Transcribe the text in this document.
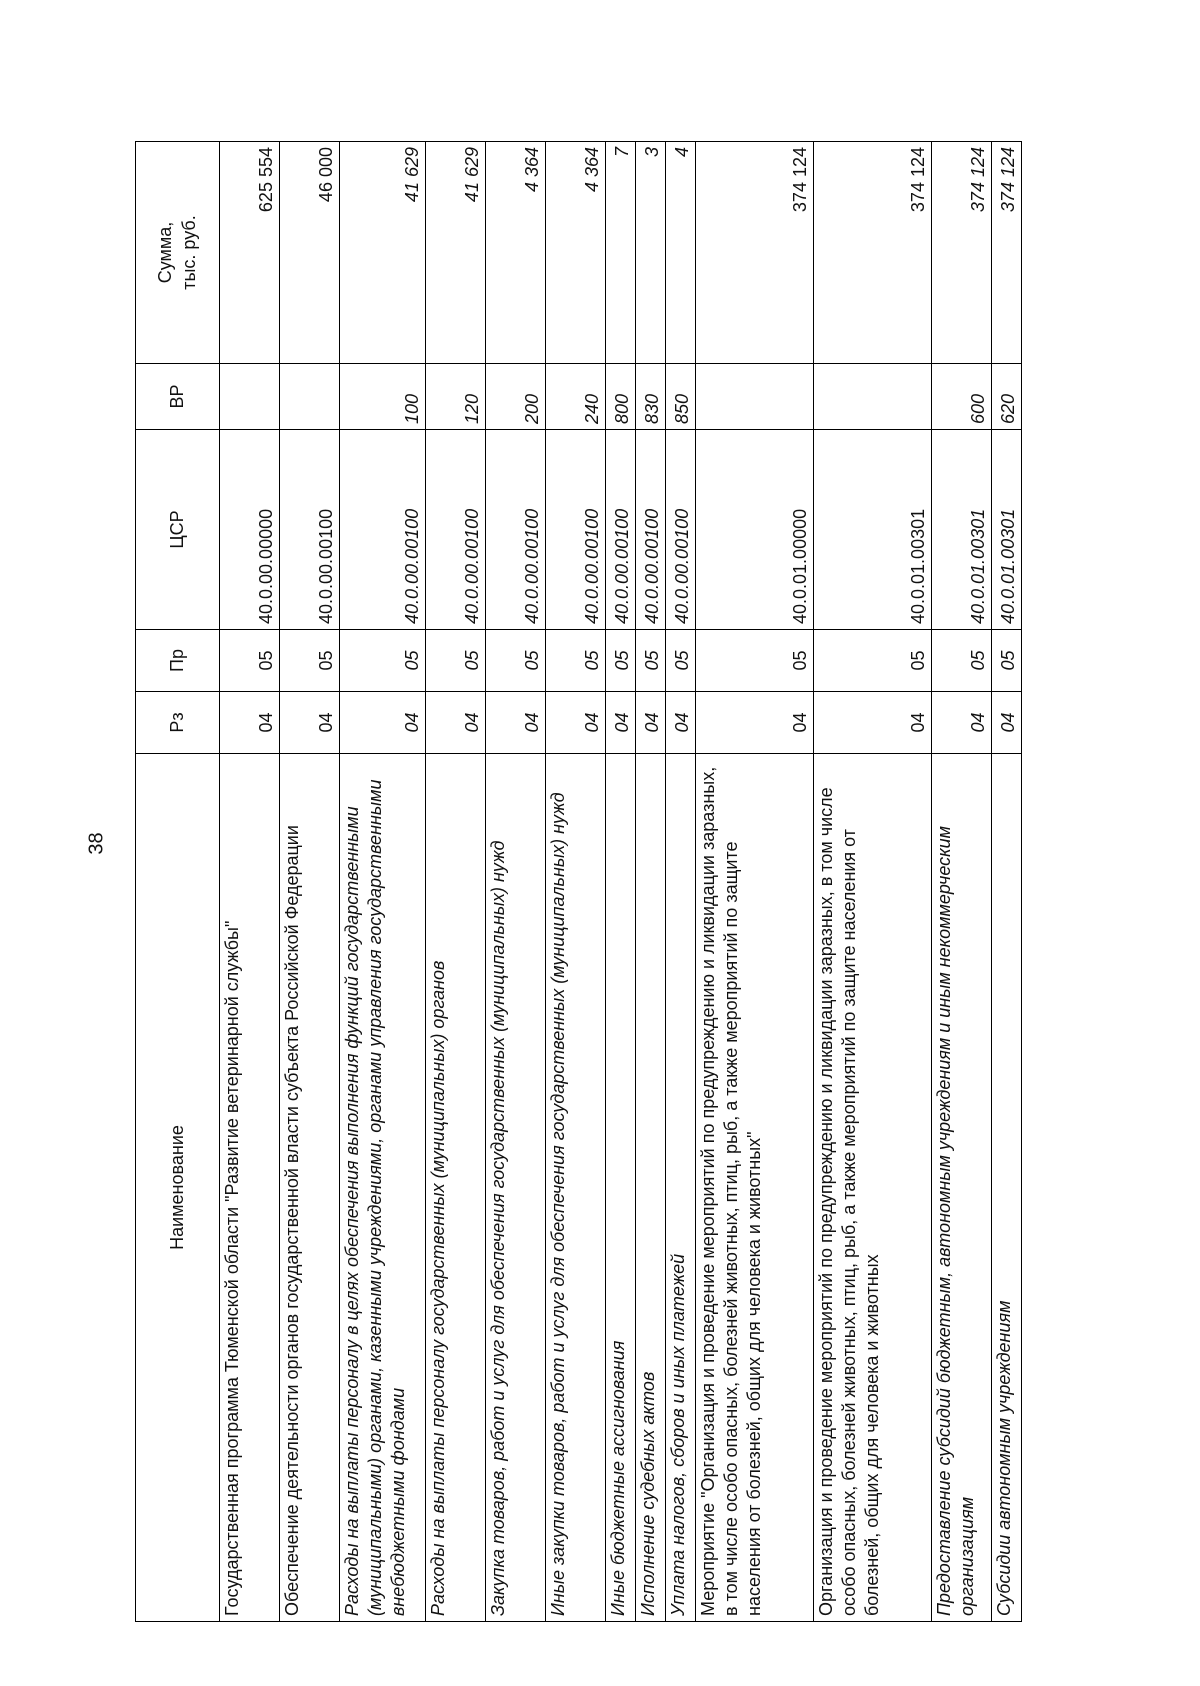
38
Наименование	Рз	Пр	ЦСР	ВР	Сумма, тыс. руб.

Государственная программа Тюменской области "Развитие ветеринарной службы"	04	05	40.0.00.00000		625 554
Обеспечение деятельности органов государственной власти субъекта Российской Федерации	04	05	40.0.00.00100		46 000
Расходы на выплаты персоналу в целях обеспечения выполнения функций государственными (муниципальными) органами, казенными учреждениями, органами управления государственными внебюджетными фондами	04	05	40.0.00.00100	100	41 629
Расходы на выплаты персоналу государственных (муниципальных) органов	04	05	40.0.00.00100	120	41 629
Закупка товаров, работ и услуг для обеспечения государственных (муниципальных) нужд	04	05	40.0.00.00100	200	4 364
Иные закупки товаров, работ и услуг для обеспечения государственных (муниципальных) нужд	04	05	40.0.00.00100	240	4 364
Иные бюджетные ассигнования	04	05	40.0.00.00100	800	7
Исполнение судебных актов	04	05	40.0.00.00100	830	3
Уплата налогов, сборов и иных платежей	04	05	40.0.00.00100	850	4
Мероприятие "Организация и проведение мероприятий по предупреждению и ликвидации заразных, в том числе особо опасных, болезней животных, птиц, рыб, а также мероприятий по защите населения от болезней, общих для человека и животных"	04	05	40.0.01.00000		374 124
Организация и проведение мероприятий по предупреждению и ликвидации заразных, в том числе особо опасных, болезней животных, птиц, рыб, а также мероприятий по защите населения от болезней, общих для человека и животных	04	05	40.0.01.00301		374 124
Предоставление субсидий бюджетным, автономным учреждениям и иным некоммерческим организациям	04	05	40.0.01.00301	600	374 124
Субсидии автономным учреждениям	04	05	40.0.01.00301	620	374 124
